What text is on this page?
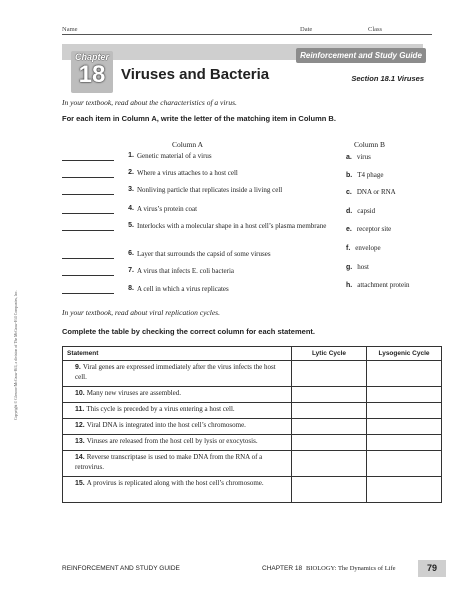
Name	Date	Class
Chapter
18
Reinforcement and Study Guide
Viruses and Bacteria	Section 18.1 Viruses
In your textbook, read about the characteristics of a virus.
For each item in Column A, write the letter of the matching item in Column B.
Column A	Column B
1. Genetic material of a virus
2. Where a virus attaches to a host cell
3. Nonliving particle that replicates inside a living cell
4. A virus’s protein coat
5. Interlocks with a molecular shape in a host cell’s plasma membrane
6. Layer that surrounds the capsid of some viruses
7. A virus that infects E. coli bacteria
8. A cell in which a virus replicates
a. virus
b. T4 phage
c. DNA or RNA
d. capsid
e. receptor site
f. envelope
g. host
h. attachment protein
In your textbook, read about viral replication cycles.
Complete the table by checking the correct column for each statement.
Statement	Lytic Cycle	Lysogenic Cycle
9. Viral genes are expressed immediately after the virus infects the host cell.		
10. Many new viruses are assembled.		
11. This cycle is preceded by a virus entering a host cell.		
12. Viral DNA is integrated into the host cell’s chromosome.		
13. Viruses are released from the host cell by lysis or exocytosis.		
14. Reverse transcriptase is used to make DNA from the RNA of a retrovirus.		
15. A provirus is replicated along with the host cell’s chromosome.		
Copyright © Glencoe/McGraw-Hill, a division of The McGraw-Hill Companies, Inc.
REINFORCEMENT AND STUDY GUIDE	CHAPTER 18 BIOLOGY: The Dynamics of Life	79
